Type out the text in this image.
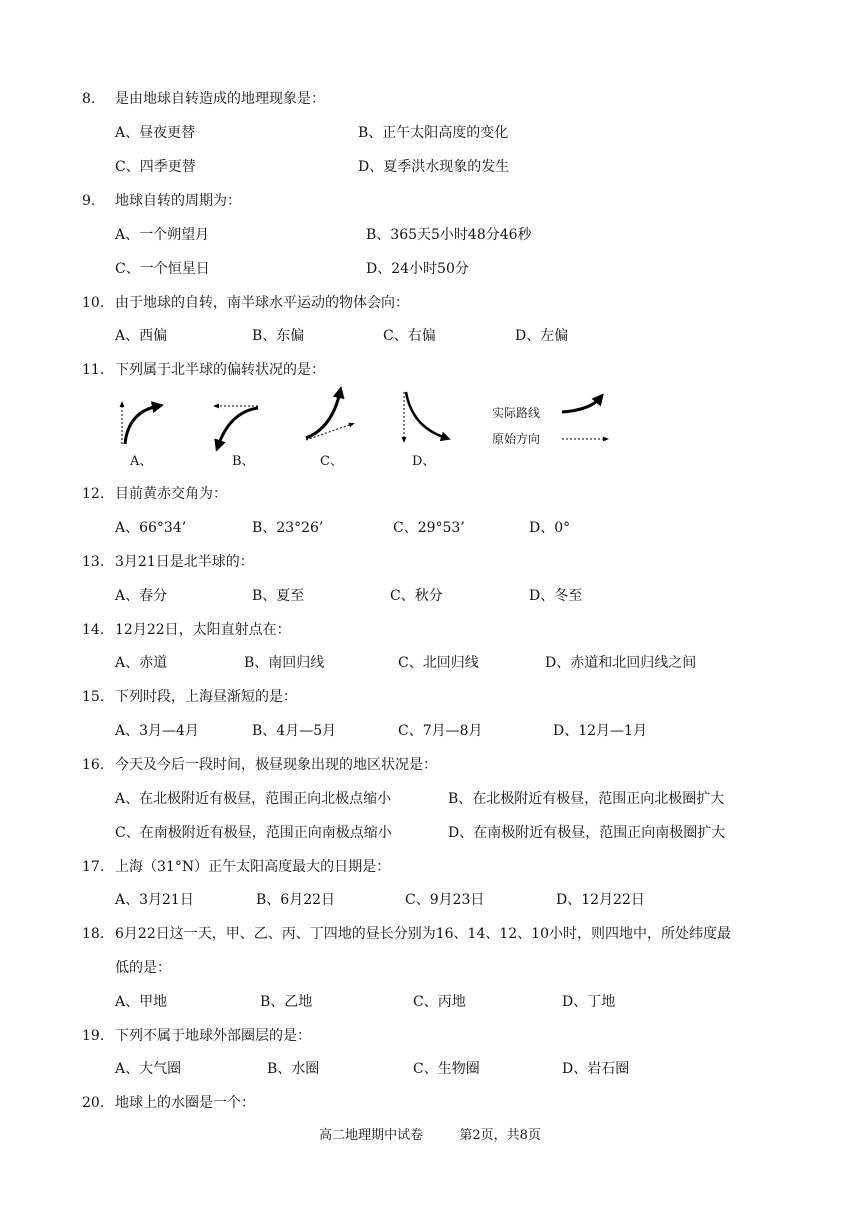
8. 是由地球自转造成的地理现象是：
A、昼夜更替	B、正午太阳高度的变化
C、四季更替	D、夏季洪水现象的发生
9. 地球自转的周期为：
A、一个朔望月	B、365天5小时48分46秒
C、一个恒星日	D、24小时50分
10. 由于地球的自转，南半球水平运动的物体会向：
A、西偏	B、东偏	C、右偏	D、左偏
11. 下列属于北半球的偏转状况的是：
A、	B、	C、	D、
实际路线
原始方向
12. 目前黄赤交角为：
A、66°34’	B、23°26’	C、29°53’	D、0°
13. 3月21日是北半球的：
A、春分	B、夏至	C、秋分	D、冬至
14. 12月22日，太阳直射点在：
A、赤道	B、南回归线	C、北回归线	D、赤道和北回归线之间
15. 下列时段，上海昼渐短的是：
A、3月—4月	B、4月—5月	C、7月—8月	D、12月—1月
16. 今天及今后一段时间，极昼现象出现的地区状况是：
A、在北极附近有极昼，范围正向北极点缩小	B、在北极附近有极昼，范围正向北极圈扩大
C、在南极附近有极昼，范围正向南极点缩小	D、在南极附近有极昼，范围正向南极圈扩大
17. 上海（31°N）正午太阳高度最大的日期是：
A、3月21日	B、6月22日	C、9月23日	D、12月22日
18. 6月22日这一天，甲、乙、丙、丁四地的昼长分别为16、14、12、10小时，则四地中，所处纬度最
低的是：
A、甲地	B、乙地	C、丙地	D、丁地
19. 下列不属于地球外部圈层的是：
A、大气圈	B、水圈	C、生物圈	D、岩石圈
20. 地球上的水圈是一个：
高二地理期中试卷	第2页，共8页
